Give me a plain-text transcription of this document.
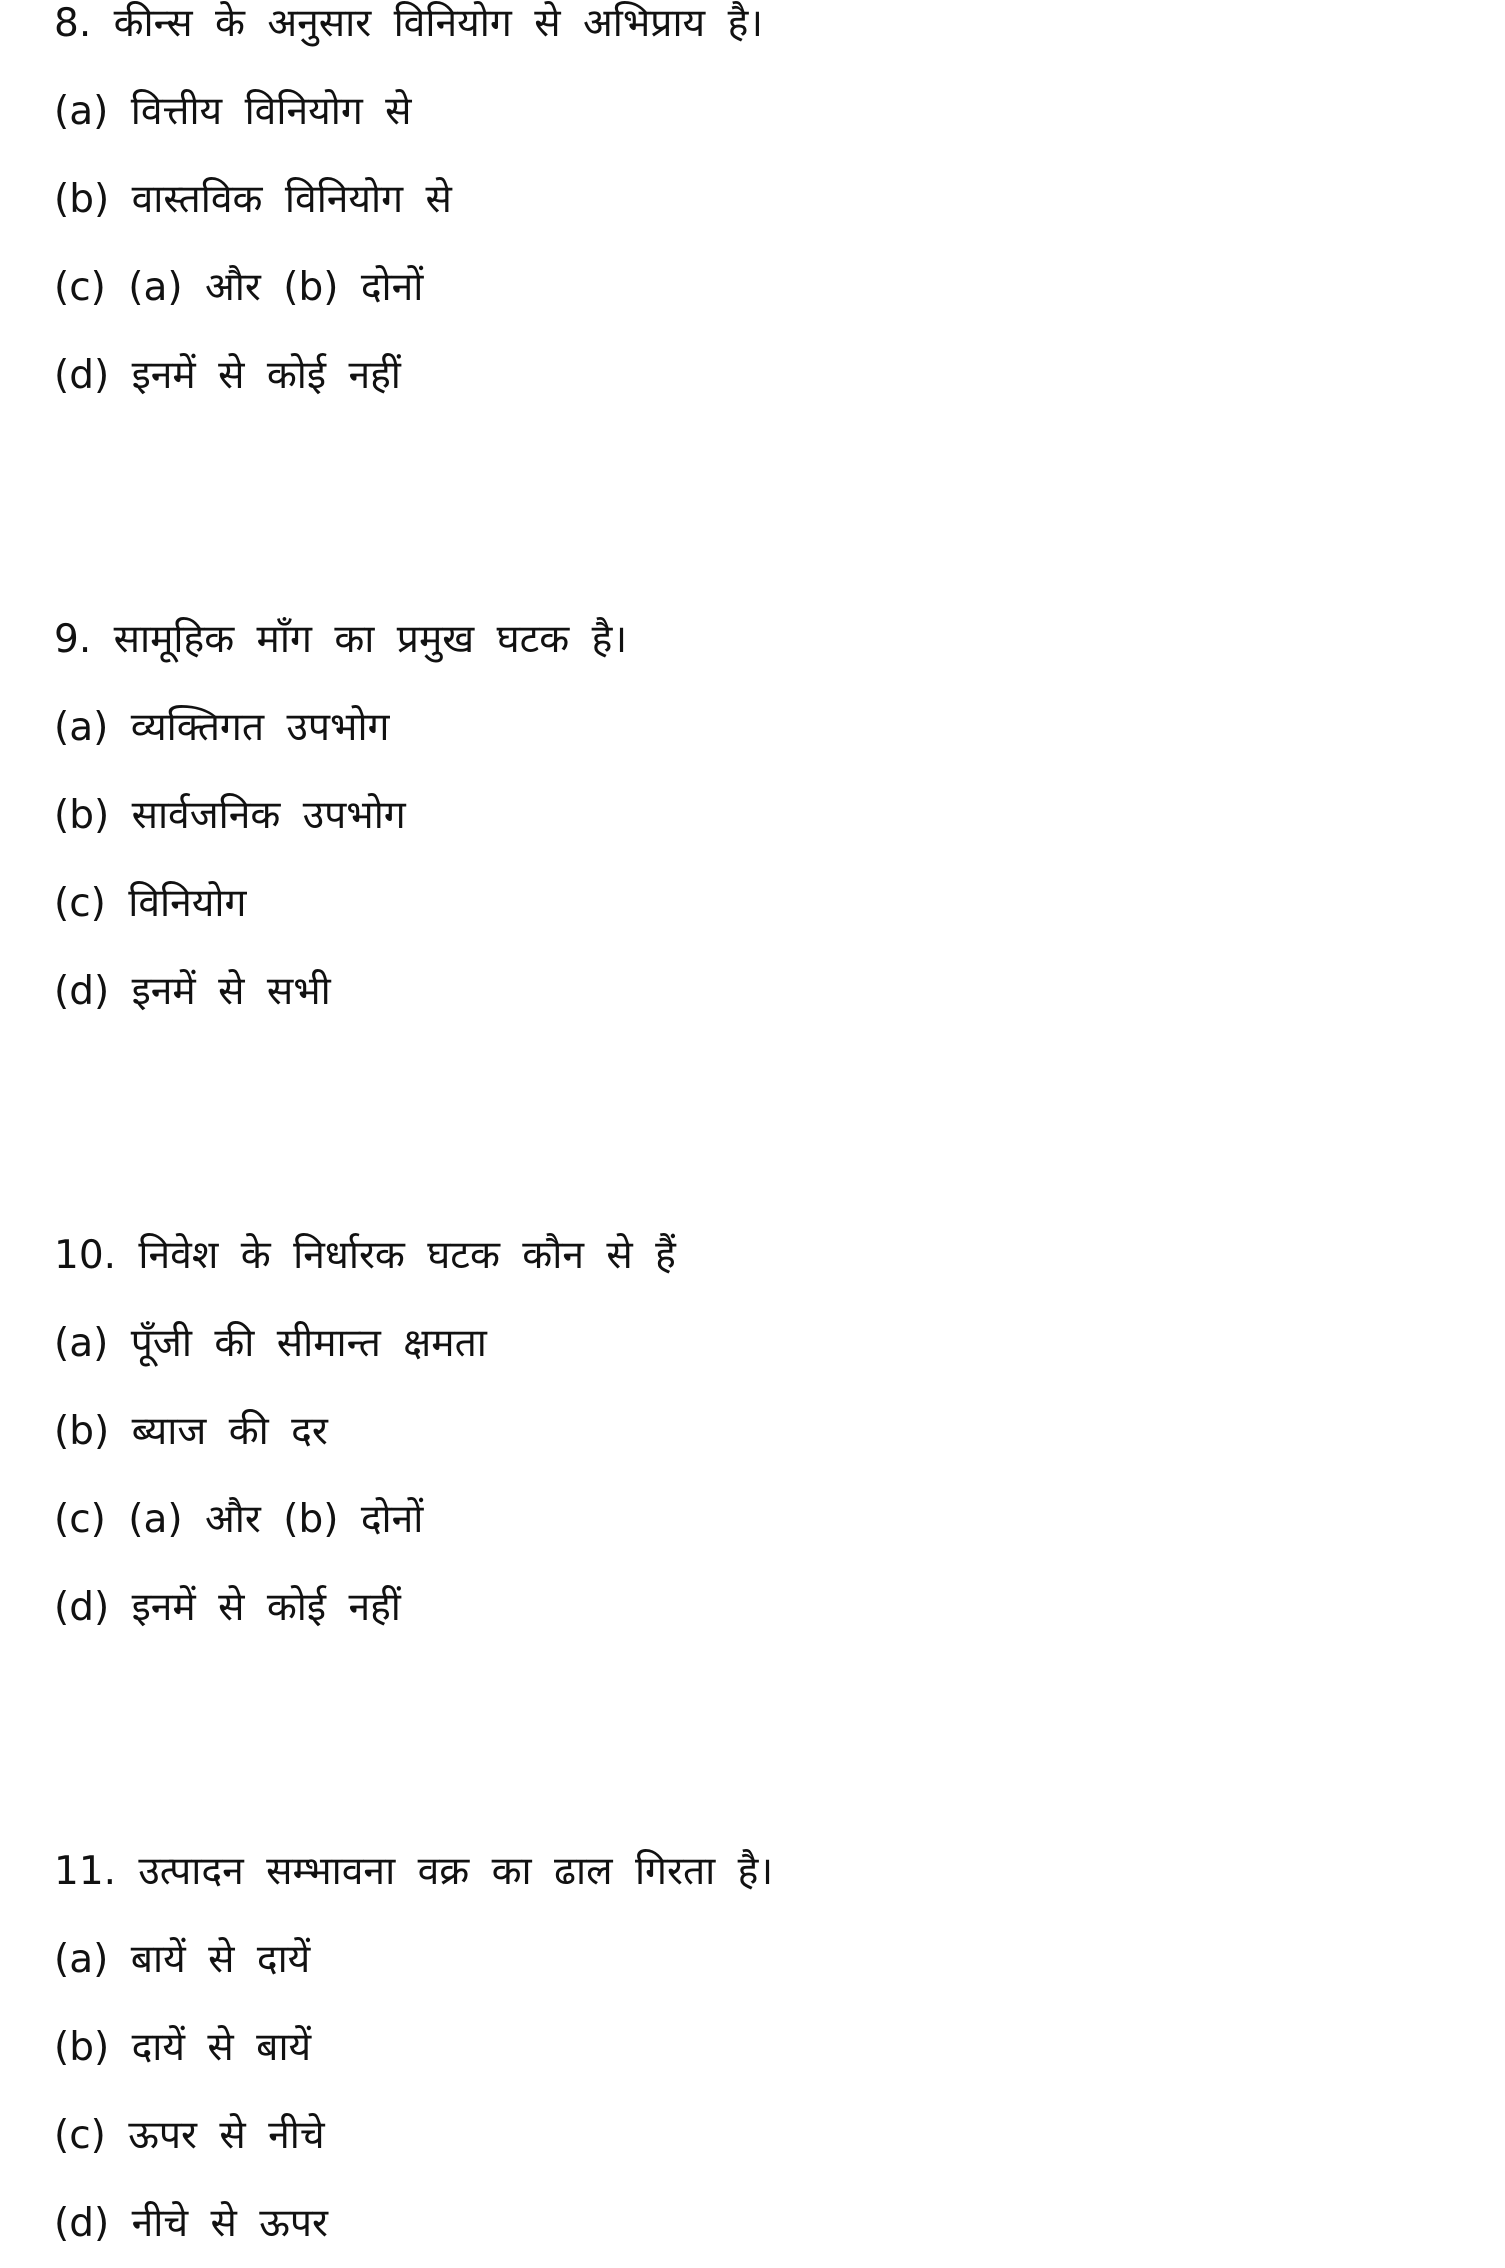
8. कीन्स के अनुसार विनियोग से अभिप्राय है।
(a) वित्तीय विनियोग से
(b) वास्तविक विनियोग से
(c) (a) और (b) दोनों
(d) इनमें से कोई नहीं
9. सामूहिक माँग का प्रमुख घटक है।
(a) व्यक्तिगत उपभोग
(b) सार्वजनिक उपभोग
(c) विनियोग
(d) इनमें से सभी
10. निवेश के निर्धारक घटक कौन से हैं
(a) पूँजी की सीमान्त क्षमता
(b) ब्याज की दर
(c) (a) और (b) दोनों
(d) इनमें से कोई नहीं
11. उत्पादन सम्भावना वक्र का ढाल गिरता है।
(a) बायें से दायें
(b) दायें से बायें
(c) ऊपर से नीचे
(d) नीचे से ऊपर
